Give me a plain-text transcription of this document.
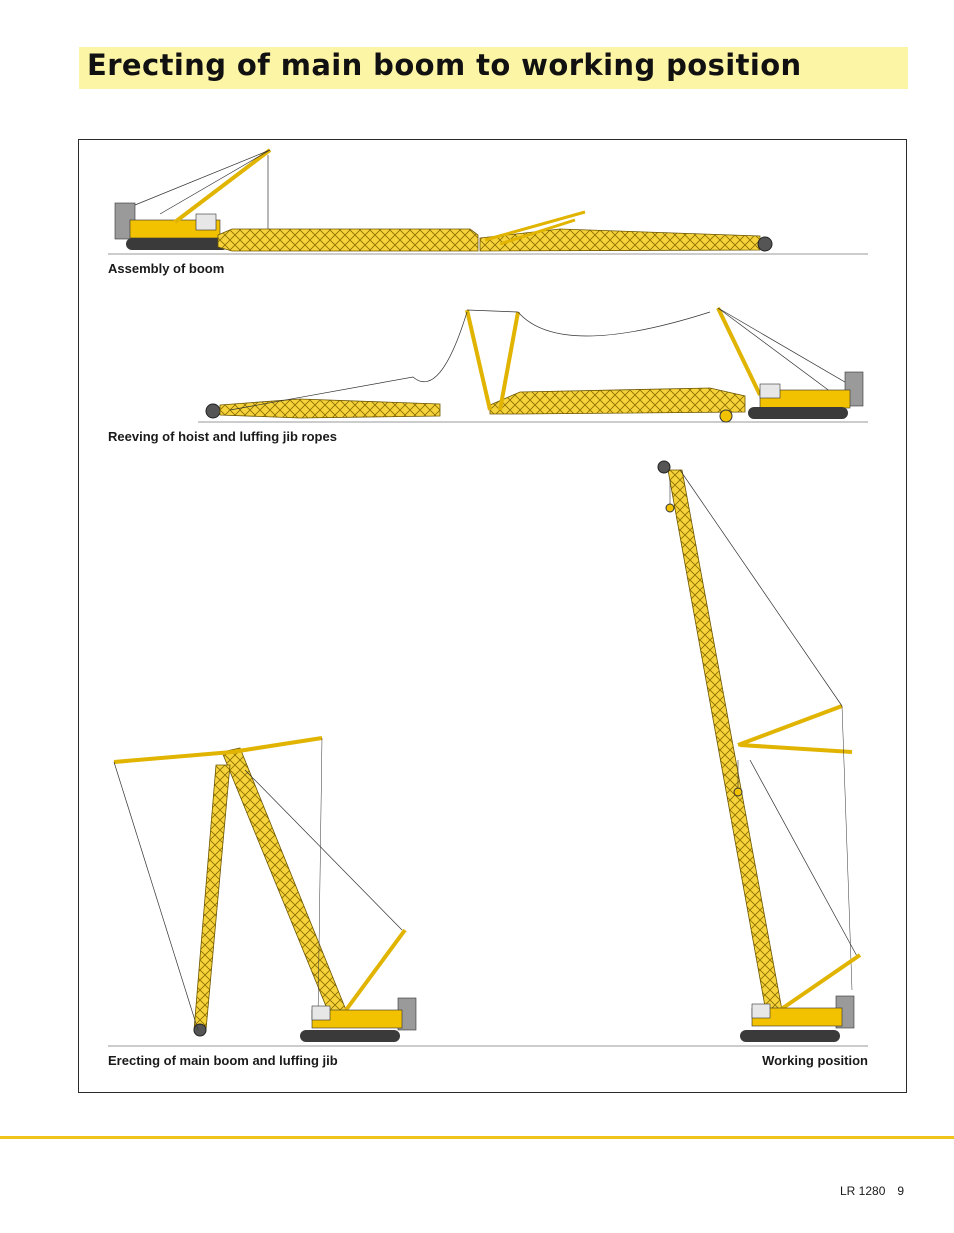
Erecting of main boom to working position
Assembly of boom
Reeving of hoist and luffing jib ropes
Erecting of main boom and luffing jib	Working position
LR 1280 9
